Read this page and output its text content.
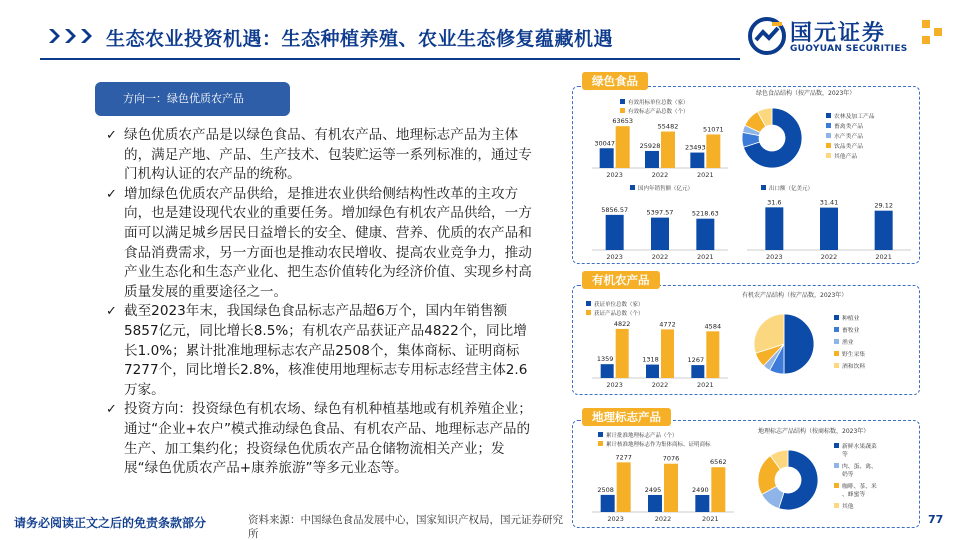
生态农业投资机遇：生态种植养殖、农业生态修复蕴藏机遇	国元证券
GUOYUAN SECURITIES
方向一：绿色优质农产品
✓ 绿色优质农产品是以绿色食品、有机农产品、地理标志产品为主体的，满足产地、产品、生产技术、包装贮运等一系列标准的，通过专门机构认证的农产品的统称。
✓ 增加绿色优质农产品供给，是推进农业供给侧结构性改革的主攻方向，也是建设现代农业的重要任务。增加绿色有机农产品供给，一方面可以满足城乡居民日益增长的安全、健康、营养、优质的农产品和食品消费需求，另一方面也是推动农民增收、提高农业竞争力，推动产业生态化和生态产业化、把生态价值转化为经济价值、实现乡村高质量发展的重要途径之一。
✓ 截至2023年末，我国绿色食品标志产品超6万个，国内年销售额5857亿元，同比增长8.5%；有机农产品获证产品4822个，同比增长1.0%；累计批准地理标志农产品2508个，集体商标、证明商标7277个，同比增长2.8%，核准使用地理标志专用标志经营主体2.6万家。
✓ 投资方向：投资绿色有机农场、绿色有机种植基地或有机养殖企业；通过“企业+农户”模式推动绿色食品、有机农产品、地理标志产品的生产、加工集约化；投资绿色优质农产品仓储物流相关产业；发展“绿色优质农产品+康养旅游”等多元业态等。
绿色食品
有机农产品
地理标志产品
有效用标单位总数（家）
有效标志产品总数（个）
30047
63653
2023
25928
55482
2022
23493
51071
2021
绿色食品结构（按产品数，2023年）
农林及加工产品
畜禽类产品
水产类产品
饮品类产品
其他产品
国内年销售额（亿元）
5856.57
2023
5397.57
2022
5218.63
2021
出口额（亿美元）
31.6
2023
31.41
2022
29.12
2021
获证单位总数（家）
获证产品总数（个）
1359
4822
2023
1318
4772
2022
1267
4584
2021
有机农产品结构（按产品数，2023年）
种植业
畜牧业
渔业
野生采集
酒和饮料
累计批准地理标志产品（个）
累计核准地理标志作为集体商标、证明商标
2508
7277
2023
2495
7076
2022
2490
6562
2021
地理标志产品结构（按商标数，2023年）
新鲜水果蔬菜
等
肉、蛋、禽、
奶等
咖啡、茶、米
、蜂蜜等
其他
请务必阅读正文之后的免责条款部分	资料来源：中国绿色食品发展中心，国家知识产权局，国元证券研究所
77
